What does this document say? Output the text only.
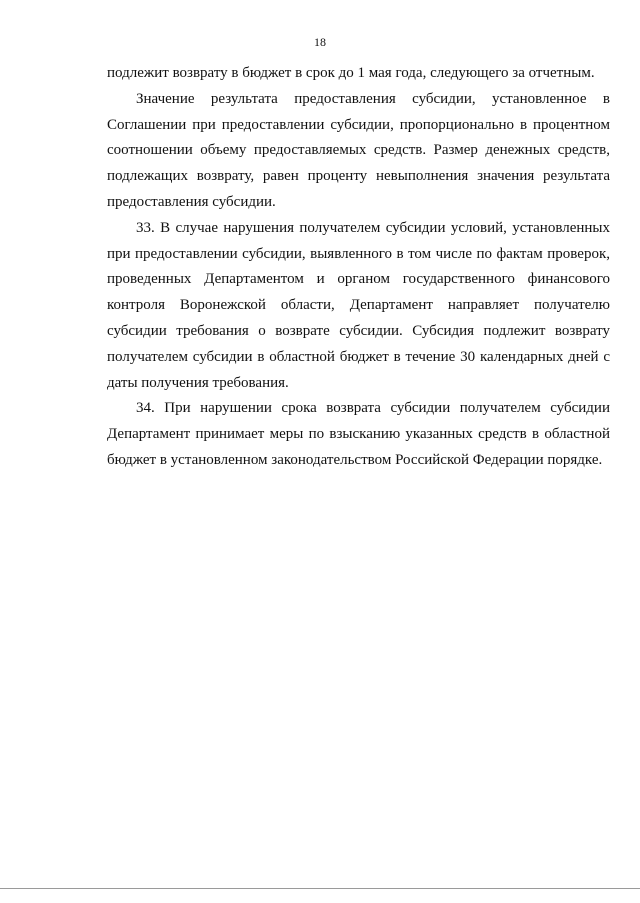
18

подлежит возврату в бюджет в срок до 1 мая года, следующего за отчетным.

Значение результата предоставления субсидии, установленное в Соглашении при предоставлении субсидии, пропорционально в процентном соотношении объему предоставляемых средств. Размер денежных средств, подлежащих возврату, равен проценту невыполнения значения результата предоставления субсидии.

33. В случае нарушения получателем субсидии условий, установленных при предоставлении субсидии, выявленного в том числе по фактам проверок, проведенных Департаментом и органом государственного финансового контроля Воронежской области, Департамент направляет получателю субсидии требования о возврате субсидии. Субсидия подлежит возврату получателем субсидии в областной бюджет в течение 30 календарных дней с даты получения требования.

34. При нарушении срока возврата субсидии получателем субсидии Департамент принимает меры по взысканию указанных средств в областной бюджет в установленном законодательством Российской Федерации порядке.
